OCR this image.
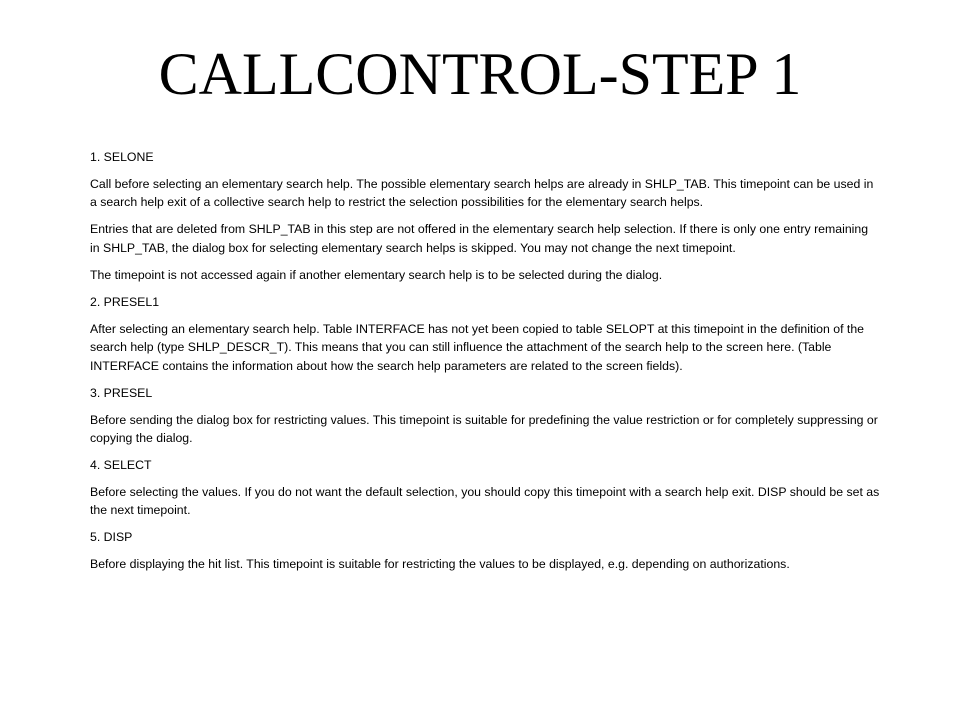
CALLCONTROL-STEP 1

1. SELONE

Call before selecting an elementary search help. The possible elementary search helps are already in SHLP_TAB. This timepoint can be used in a search help exit of a collective search help to restrict the selection possibilities for the elementary search helps.

Entries that are deleted from SHLP_TAB in this step are not offered in the elementary search help selection. If there is only one entry remaining in SHLP_TAB, the dialog box for selecting elementary search helps is skipped. You may not change the next timepoint.

The timepoint is not accessed again if another elementary search help is to be selected during the dialog.

2. PRESEL1

After selecting an elementary search help. Table INTERFACE has not yet been copied to table SELOPT at this timepoint in the definition of the search help (type SHLP_DESCR_T). This means that you can still influence the attachment of the search help to the screen here. (Table INTERFACE contains the information about how the search help parameters are related to the screen fields).

3. PRESEL

Before sending the dialog box for restricting values. This timepoint is suitable for predefining the value restriction or for completely suppressing or copying the dialog.

4. SELECT

Before selecting the values. If you do not want the default selection, you should copy this timepoint with a search help exit. DISP should be set as the next timepoint.

5. DISP

Before displaying the hit list. This timepoint is suitable for restricting the values to be displayed, e.g. depending on authorizations.
